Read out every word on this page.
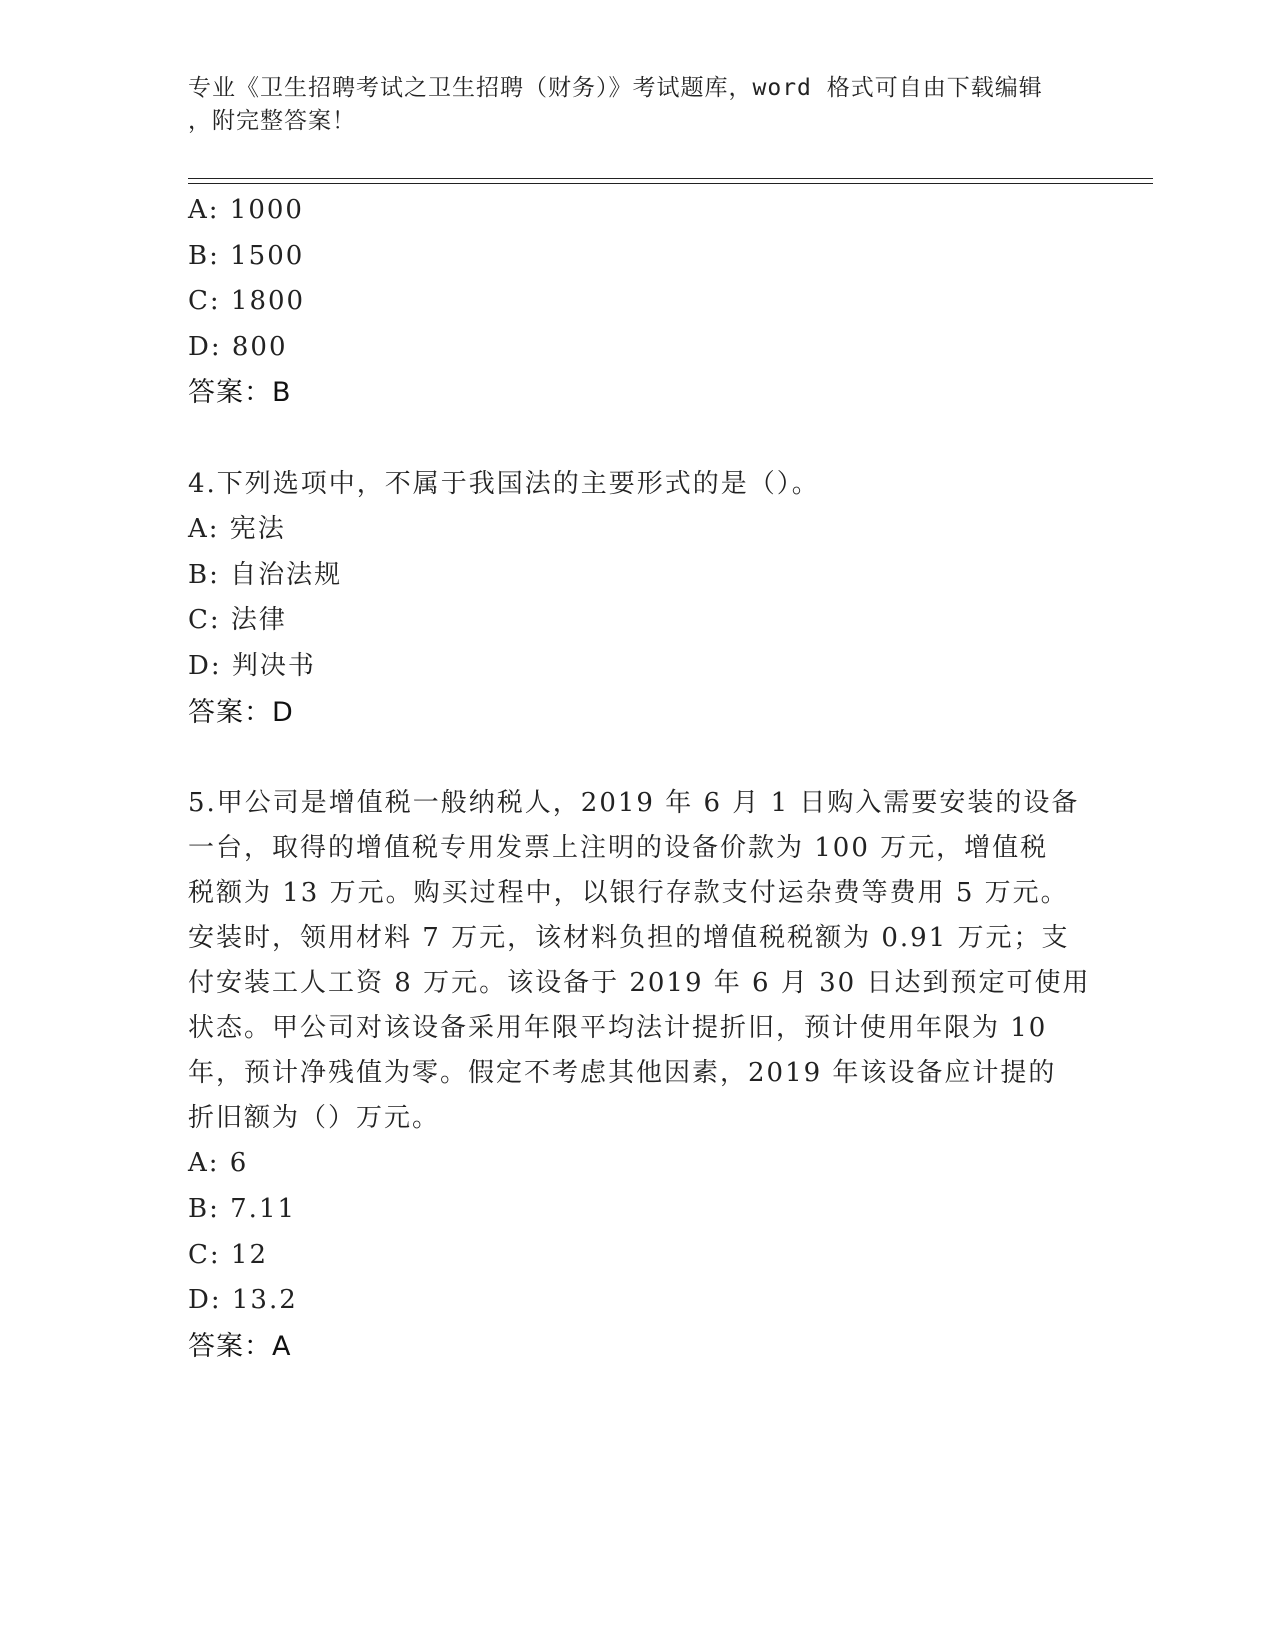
专业《卫生招聘考试之卫生招聘（财务）》考试题库，word 格式可自由下载编辑
，附完整答案！
A: 1000
B: 1500
C: 1800
D: 800
答案：B
4.下列选项中，不属于我国法的主要形式的是（）。
A: 宪法
B: 自治法规
C: 法律
D: 判决书
答案：D
5.甲公司是增值税一般纳税人，2019 年 6 月 1 日购入需要安装的设备
一台，取得的增值税专用发票上注明的设备价款为 100 万元，增值税
税额为 13 万元。购买过程中，以银行存款支付运杂费等费用 5 万元。
安装时，领用材料 7 万元，该材料负担的增值税税额为 0.91 万元；支
付安装工人工资 8 万元。该设备于 2019 年 6 月 30 日达到预定可使用
状态。甲公司对该设备采用年限平均法计提折旧，预计使用年限为 10
年，预计净残值为零。假定不考虑其他因素，2019 年该设备应计提的
折旧额为（）万元。
A: 6
B: 7.11
C: 12
D: 13.2
答案：A
